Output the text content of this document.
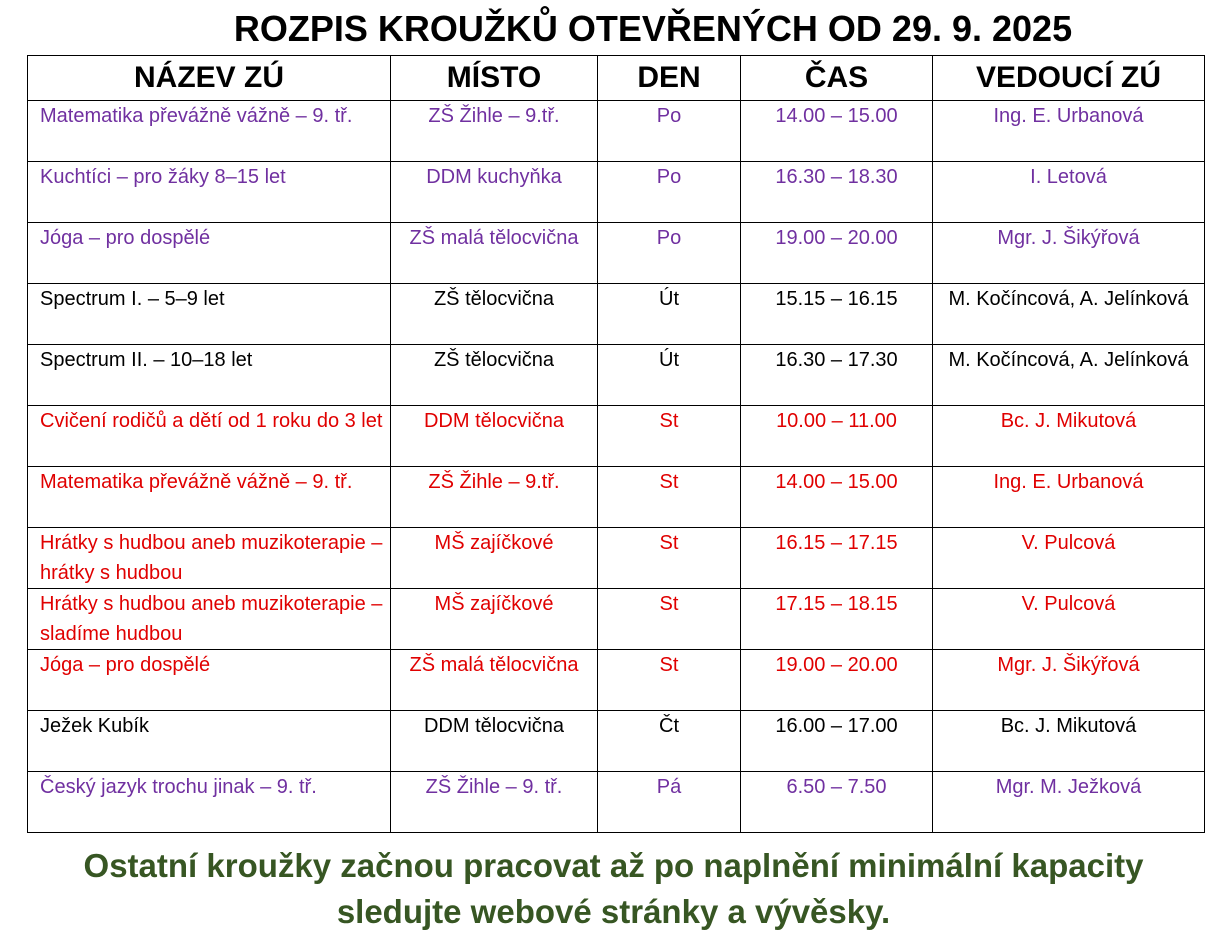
ROZPIS KROUŽKŮ OTEVŘENÝCH OD 29. 9. 2025
NÁZEV ZÚ	MÍSTO	DEN	ČAS	VEDOUCÍ ZÚ
Matematika převážně vážně – 9. tř.	ZŠ Žihle – 9.tř.	Po	14.00 – 15.00	Ing. E. Urbanová
Kuchtíci – pro žáky 8–15 let	DDM kuchyňka	Po	16.30 – 18.30	I. Letová
Jóga – pro dospělé	ZŠ malá tělocvična	Po	19.00 – 20.00	Mgr. J. Šikýřová
Spectrum I. – 5–9 let	ZŠ tělocvična	Út	15.15 – 16.15	M. Kočíncová, A. Jelínková
Spectrum II. – 10–18 let	ZŠ tělocvična	Út	16.30 – 17.30	M. Kočíncová, A. Jelínková
Cvičení rodičů a dětí od 1 roku do 3 let	DDM tělocvična	St	10.00 – 11.00	Bc. J. Mikutová
Matematika převážně vážně – 9. tř.	ZŠ Žihle – 9.tř.	St	14.00 – 15.00	Ing. E. Urbanová
Hrátky s hudbou aneb muzikoterapie – hrátky s hudbou	MŠ zajíčkové	St	16.15 – 17.15	V. Pulcová
Hrátky s hudbou aneb muzikoterapie – sladíme hudbou	MŠ zajíčkové	St	17.15 – 18.15	V. Pulcová
Jóga – pro dospělé	ZŠ malá tělocvična	St	19.00 – 20.00	Mgr. J. Šikýřová
Ježek Kubík	DDM tělocvična	Čt	16.00 – 17.00	Bc. J. Mikutová
Český jazyk trochu jinak – 9. tř.	ZŠ Žihle – 9. tř.	Pá	6.50 – 7.50	Mgr. M. Ježková
Ostatní kroužky začnou pracovat až po naplnění minimální kapacity
sledujte webové stránky a vývěsky.
